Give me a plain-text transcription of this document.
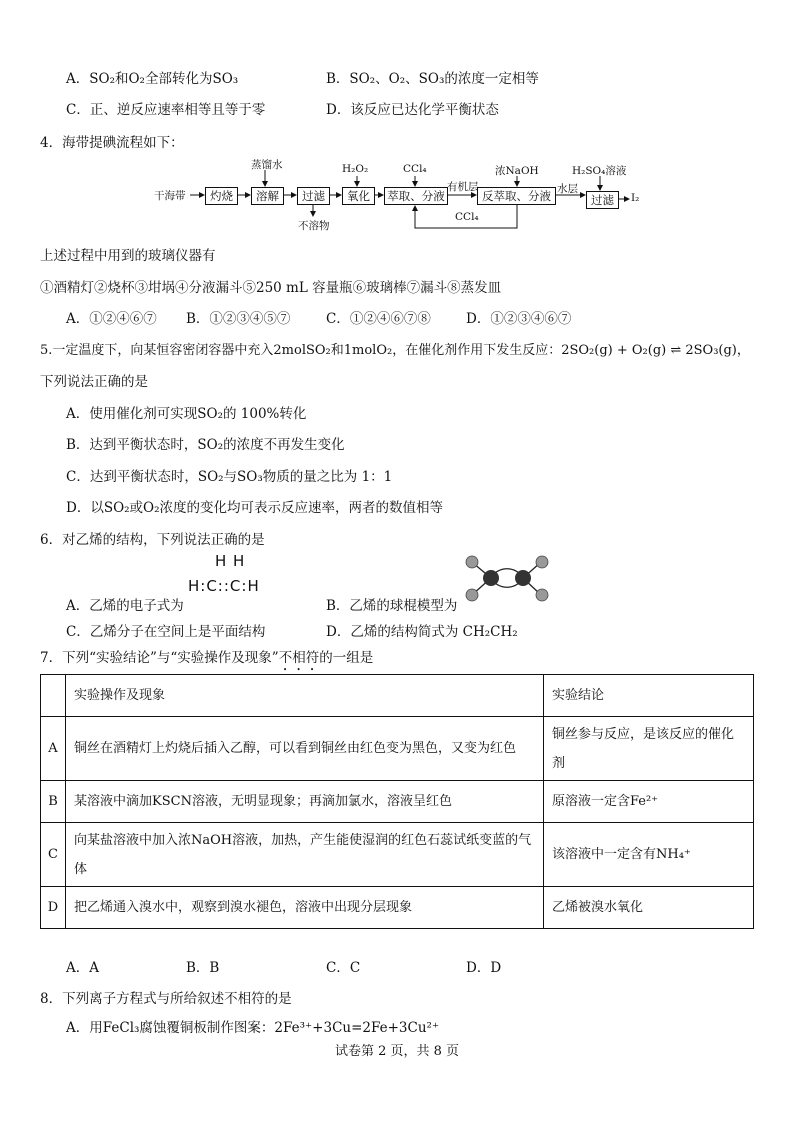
A．SO₂和O₂全部转化为SO₃	B．SO₂、O₂、SO₃的浓度一定相等
C．正、逆反应速率相等且等于零	D．该反应已达化学平衡状态
4．海带提碘流程如下：
干海带	灼烧	溶解	过滤	氧化	萃取、分液	反萃取、分液	过滤	I₂
蒸馏水	H₂O₂	CCl₄	浓NaOH	H₂SO₄溶液
不溶物
有机层	水层
CCl₄
上述过程中用到的玻璃仪器有
①酒精灯②烧杯③坩埚④分液漏斗⑤250 mL 容量瓶⑥玻璃棒⑦漏斗⑧蒸发皿
A．①②④⑥⑦ B．①②③④⑤⑦	C．①②④⑥⑦⑧	D．①②③④⑥⑦
5.一定温度下，向某恒容密闭容器中充入2molSO₂和1molO₂，在催化剂作用下发生反应：2SO₂(g) + O₂(g) ⇌ 2SO₃(g)，
下列说法正确的是
A．使用催化剂可实现SO₂的 100%转化
B．达到平衡状态时，SO₂的浓度不再发生变化
C．达到平衡状态时，SO₂与SO₃物质的量之比为 1：1
D．以SO₂或O₂浓度的变化均可表示反应速率，两者的数值相等
6．对乙烯的结构，下列说法正确的是
A．乙烯的电子式为
H H
H:C::C:H
B．乙烯的球棍模型为
C．乙烯分子在空间上是平面结构	D．乙烯的结构简式为 CH₂CH₂
7．下列“实验结论”与“实验操作及现象”不相符的一组是
	实验操作及现象	实验结论
A	铜丝在酒精灯上灼烧后插入乙醇，可以看到铜丝由红色变为黑色，又变为红色	铜丝参与反应，是该反应的催化剂
B	某溶液中滴加KSCN溶液，无明显现象；再滴加氯水，溶液呈红色	原溶液一定含Fe²⁺
C	向某盐溶液中加入浓NaOH溶液，加热，产生能使湿润的红色石蕊试纸变蓝的气体	该溶液中一定含有NH₄⁺
D	把乙烯通入溴水中，观察到溴水褪色，溶液中出现分层现象	乙烯被溴水氧化
A．A	B．B	C．C	D．D
8．下列离子方程式与所给叙述不相符的是
A．用FeCl₃腐蚀覆铜板制作图案：2Fe³⁺+3Cu=2Fe+3Cu²⁺
试卷第 2 页，共 8 页
